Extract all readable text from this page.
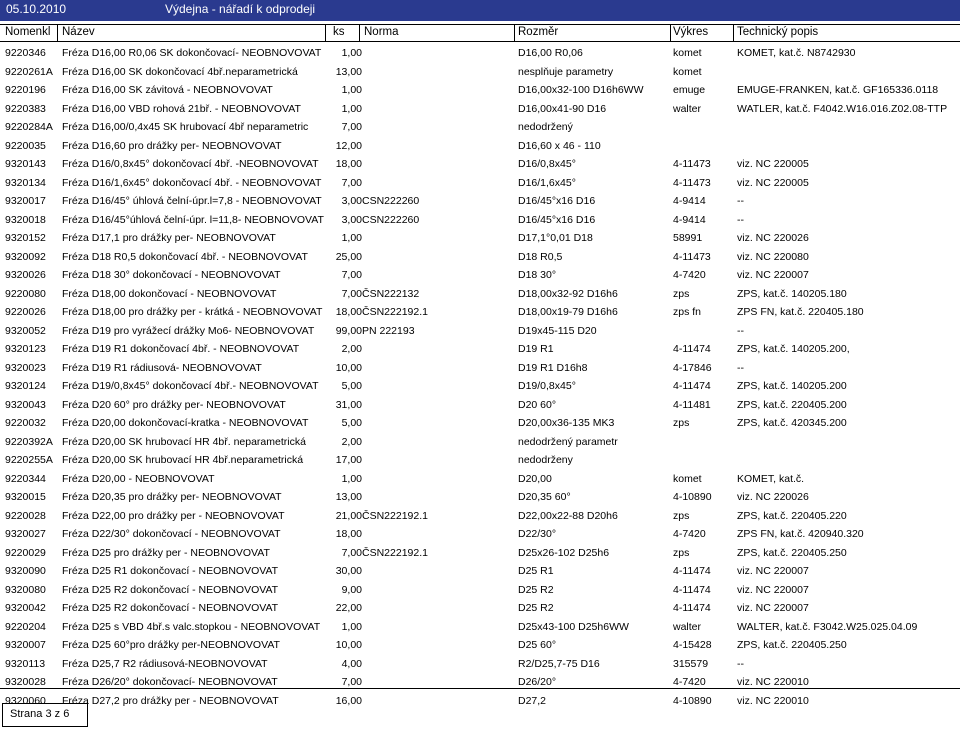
05.10.2010	Výdejna - nářadí k odprodeji
Nomenkl Název	ks Norma	Rozměr	Výkres	Technický popis
9220346 Fréza D16,00 R0,06 SK dokončovací- NEOBNOVOVAT	1,00	D16,00 R0,06	komet	KOMET, kat.č. N8742930
9220261A Fréza D16,00 SK dokončovací 4bř.neparametrická	13,00	nesplňuje parametry	komet
9220196 Fréza D16,00 SK závitová - NEOBNOVOVAT	1,00	D16,00x32-100 D16h6WW	emuge	EMUGE-FRANKEN, kat.č. GF165336.0118
9220383 Fréza D16,00 VBD rohová 21bř. - NEOBNOVOVAT	1,00	D16,00x41-90 D16	walter	WATLER, kat.č. F4042.W16.016.Z02.08-TTP
9220284A Fréza D16,00/0,4x45 SK hrubovací 4bř neparametric	7,00	nedodržený
9220035 Fréza D16,60 pro drážky per- NEOBNOVOVAT	12,00	D16,60 x 46 - 110
9320143 Fréza D16/0,8x45° dokončovací 4bř. -NEOBNOVOVAT	18,00	D16/0,8x45°	4-11473 viz. NC 220005
9320134 Fréza D16/1,6x45° dokončovací 4bř. - NEOBNOVOVAT	7,00	D16/1,6x45°	4-11473 viz. NC 220005
9320017 Fréza D16/45° úhlová čelní-úpr.l=7,8 - NEOBNOVOVAT	3,00 CSN222260	D16/45°x16 D16	4-9414	--
9320018 Fréza D16/45°úhlová čelní-úpr. l=11,8- NEOBNOVOVAT	3,00 CSN222260	D16/45°x16 D16	4-9414	--
9320152 Fréza D17,1 pro drážky per- NEOBNOVOVAT	1,00	D17,1°0,01 D18	58991	viz. NC 220026
9320092 Fréza D18 R0,5 dokončovací 4bř. - NEOBNOVOVAT	25,00	D18 R0,5	4-11473 viz. NC 220080
9320026 Fréza D18 30° dokončovací - NEOBNOVOVAT	7,00	D18 30°	4-7420	viz. NC 220007
9220080 Fréza D18,00 dokončovací - NEOBNOVOVAT	7,00 ČSN222132	D18,00x32-92 D16h6	zps	ZPS, kat.č. 140205.180
9220026 Fréza D18,00 pro drážky per - krátká - NEOBNOVOVAT	18,00 ČSN222192.1	D18,00x19-79 D16h6	zps fn	ZPS FN, kat.č. 220405.180
9320052 Fréza D19 pro vyrážecí drážky Mo6- NEOBNOVOVAT	99,00 PN 222193	D19x45-115 D20	--
9320123 Fréza D19 R1 dokončovací 4bř. - NEOBNOVOVAT	2,00	D19 R1	4-11474 ZPS, kat.č. 140205.200,
9320023 Fréza D19 R1 rádiusová- NEOBNOVOVAT	10,00	D19 R1 D16h8	4-17846 --
9320124 Fréza D19/0,8x45° dokončovací 4bř.- NEOBNOVOVAT	5,00	D19/0,8x45°	4-11474 ZPS, kat.č. 140205.200
9320043 Fréza D20 60° pro drážky per- NEOBNOVOVAT	31,00	D20 60°	4-11481 ZPS, kat.č. 220405.200
9220032 Fréza D20,00 dokončovací-kratka - NEOBNOVOVAT	5,00	D20,00x36-135 MK3	zps	ZPS, kat.č. 420345.200
9220392A Fréza D20,00 SK hrubovací HR 4bř. neparametrická	2,00	nedodržený parametr
9220255A Fréza D20,00 SK hrubovací HR 4bř.neparametrická	17,00	nedodrženy
9220344 Fréza D20,00 - NEOBNOVOVAT	1,00	D20,00	komet	KOMET, kat.č.
9320015 Fréza D20,35 pro drážky per- NEOBNOVOVAT	13,00	D20,35 60°	4-10890 viz. NC 220026
9220028 Fréza D22,00 pro drážky per - NEOBNOVOVAT	21,00 ČSN222192.1	D22,00x22-88 D20h6	zps	ZPS, kat.č. 220405.220
9320027 Fréza D22/30° dokončovací - NEOBNOVOVAT	18,00	D22/30°	4-7420	ZPS FN, kat.č. 420940.320
9220029 Fréza D25 pro drážky per - NEOBNOVOVAT	7,00 ČSN222192.1	D25x26-102 D25h6	zps	ZPS, kat.č. 220405.250
9320090 Fréza D25 R1 dokončovací - NEOBNOVOVAT	30,00	D25 R1	4-11474 viz. NC 220007
9320080 Fréza D25 R2 dokončovací - NEOBNOVOVAT	9,00	D25 R2	4-11474 viz. NC 220007
9320042 Fréza D25 R2 dokončovací - NEOBNOVOVAT	22,00	D25 R2	4-11474 viz. NC 220007
9220204 Fréza D25 s VBD 4bř.s valc.stopkou - NEOBNOVOVAT	1,00	D25x43-100 D25h6WW	walter	WALTER, kat.č. F3042.W25.025.04.09
9320007 Fréza D25 60°pro drážky per-NEOBNOVOVAT	10,00	D25 60°	4-15428 ZPS, kat.č. 220405.250
9320113 Fréza D25,7 R2 rádiusová-NEOBNOVOVAT	4,00	R2/D25,7-75 D16	315579	--
9320028 Fréza D26/20° dokončovací- NEOBNOVOVAT	7,00	D26/20°	4-7420	viz. NC 220010
9320060 Fréza D27,2 pro drážky per - NEOBNOVOVAT	16,00	D27,2	4-10890 viz. NC 220010
Strana 3 z 6
